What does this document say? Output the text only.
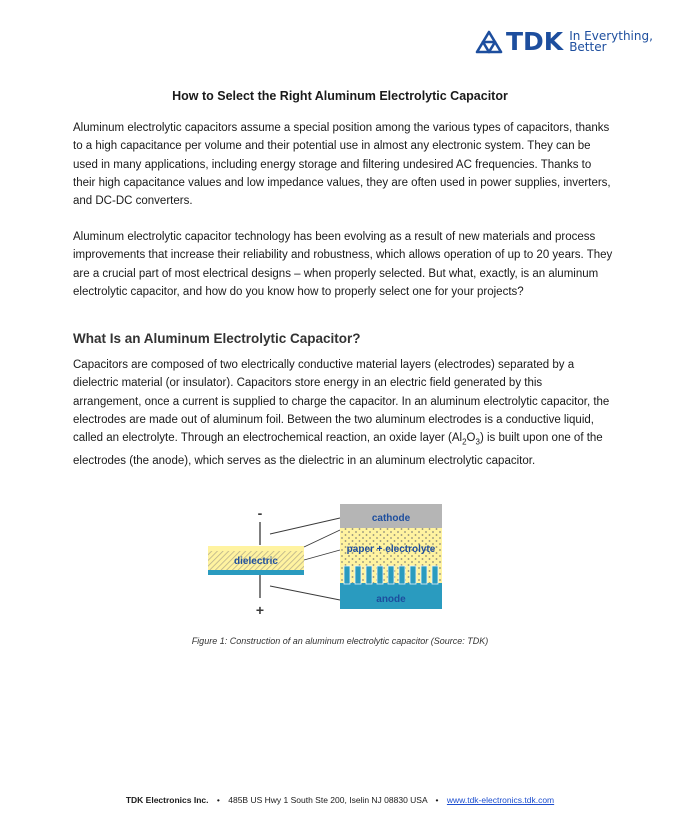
TDK In Everything,
Better
How to Select the Right Aluminum Electrolytic Capacitor

Aluminum electrolytic capacitors assume a special position among the various types of capacitors, thanks to a high capacitance per volume and their potential use in almost any electronic system. They can be used in many applications, including energy storage and filtering undesired AC frequencies. Thanks to their high capacitance values and low impedance values, they are often used in power supplies, inverters, and DC-DC converters.

Aluminum electrolytic capacitor technology has been evolving as a result of new materials and process improvements that increase their reliability and robustness, which allows operation of up to 20 years. They are a crucial part of most electrical designs – when properly selected. But what, exactly, is an aluminum electrolytic capacitor, and how do you know how to properly select one for your projects?

What Is an Aluminum Electrolytic Capacitor?

Capacitors are composed of two electrically conductive material layers (electrodes) separated by a dielectric material (or insulator). Capacitors store energy in an electric field generated by this arrangement, once a current is supplied to charge the capacitor. In an aluminum electrolytic capacitor, the electrodes are made out of aluminum foil. Between the two aluminum electrodes is a conductive liquid, called an electrolyte. Through an electrochemical reaction, an oxide layer $(Al_2O_3)$ is built upon one of the electrodes (the anode), which serves as the dielectric in an aluminum electrolytic capacitor.

-
dielectric
+
cathode
paper + electrolyte
anode
Figure 1: Construction of an aluminum electrolytic capacitor (Source: TDK)
TDK Electronics Inc. • 485B US Hwy 1 South Ste 200, Iselin NJ 08830 USA • www.tdk-electronics.tdk.com
